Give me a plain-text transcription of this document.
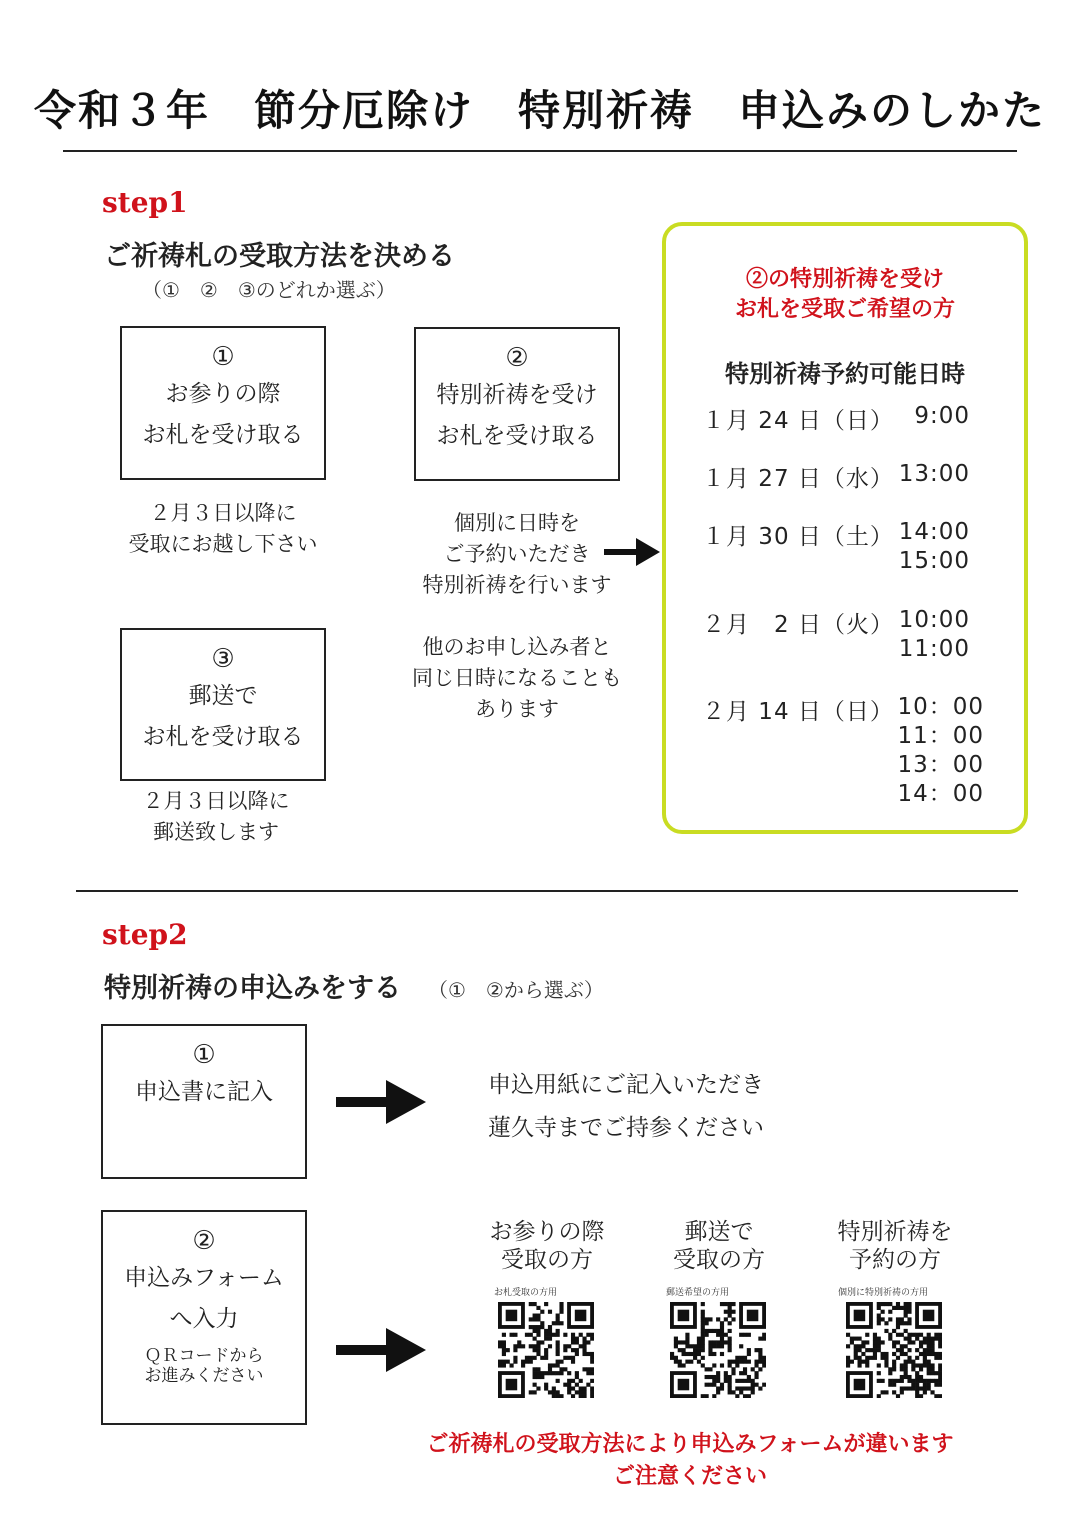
令和３年　節分厄除け　特別祈祷　申込みのしかた
step1
ご祈祷札の受取方法を決める
（①　②　③のどれか選ぶ）
①
お参りの際
お札を受け取る
２月３日以降に
受取にお越し下さい
②
特別祈祷を受け
お札を受け取る
個別に日時を
ご予約いただき
特別祈祷を行います
他のお申し込み者と
同じ日時になることも
あります
③
郵送で
お札を受け取る
２月３日以降に
郵送致します
②の特別祈祷を受け
お札を受取ご希望の方
特別祈祷予約可能日時
１月 24 日（日） 9:00
１月 27 日（水） 13:00
１月 30 日（土） 14:00
15:00
２月　2 日（火） 10:00
11:00
２月 14 日（日） 10：00
11：00
13：00
14：00
step2
特別祈祷の申込みをする （①　②から選ぶ）
①
申込書に記入	申込用紙にご記入いただき
蓮久寺までご持参ください
②
申込みフォーム
へ入力
ＱＲコードから
お進みください
お参りの際
受取の方
郵送で
受取の方
特別祈祷を
予約の方
お札受取の方用	郵送希望の方用	個別に特別祈祷の方用
ご祈祷札の受取方法により申込みフォームが違います
ご注意ください
